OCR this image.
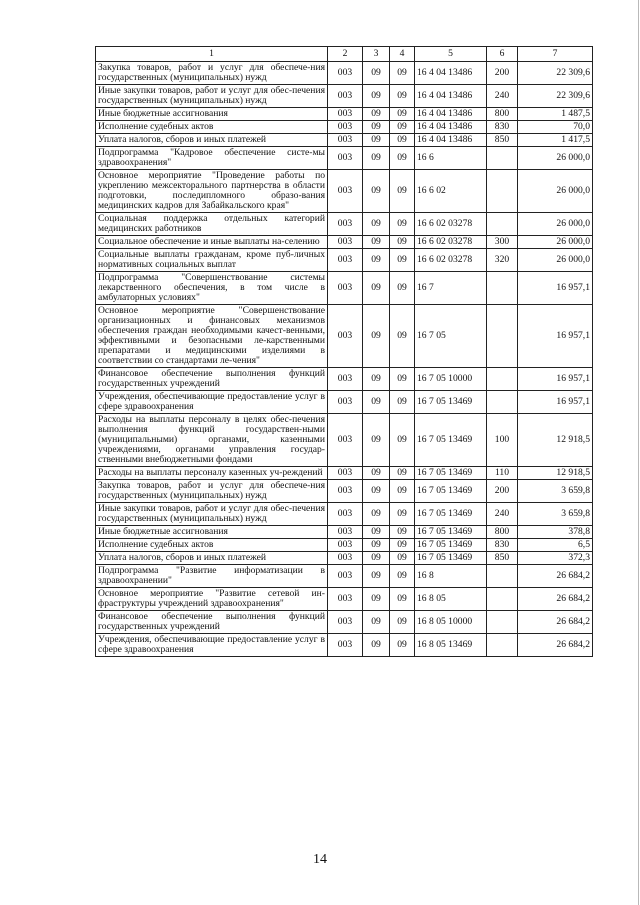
1	2	3	4	5	6	7
Закупка товаров, работ и услуг для обеспече-ния государственных (муниципальных) нужд	003	09	09	16 4 04 13486	200	22 309,6
Иные закупки товаров, работ и услуг для обес-печения государственных (муниципальных) нужд	003	09	09	16 4 04 13486	240	22 309,6
Иные бюджетные ассигнования	003	09	09	16 4 04 13486	800	1 487,5
Исполнение судебных актов	003	09	09	16 4 04 13486	830	70,0
Уплата налогов, сборов и иных платежей	003	09	09	16 4 04 13486	850	1 417,5
Подпрограмма "Кадровое обеспечение систе-мы здравоохранения"	003	09	09	16 6		26 000,0
Основное мероприятие "Проведение работы по укреплению межсекторального партнерства в области подготовки, последипломного образо-вания медицинских кадров для Забайкальского края"	003	09	09	16 6 02		26 000,0
Социальная поддержка отдельных категорий медицинских работников	003	09	09	16 6 02 03278		26 000,0
Социальное обеспечение и иные выплаты на-селению	003	09	09	16 6 02 03278	300	26 000,0
Социальные выплаты гражданам, кроме пуб-личных нормативных социальных выплат	003	09	09	16 6 02 03278	320	26 000,0
Подпрограмма "Совершенствование системы лекарственного обеспечения, в том числе в амбулаторных условиях"	003	09	09	16 7		16 957,1
Основное мероприятие "Совершенствование организационных и финансовых механизмов обеспечения граждан необходимыми качест-венными, эффективными и безопасными ле-карственными препаратами и медицинскими изделиями в соответствии со стандартами ле-чения"	003	09	09	16 7 05		16 957,1
Финансовое обеспечение выполнения функций государственных учреждений	003	09	09	16 7 05 10000		16 957,1
Учреждения, обеспечивающие предоставление услуг в сфере здравоохранения	003	09	09	16 7 05 13469		16 957,1
Расходы на выплаты персоналу в целях обес-печения выполнения функций государствен-ными (муниципальными) органами, казенными учреждениями, органами управления государ-ственными внебюджетными фондами	003	09	09	16 7 05 13469	100	12 918,5
Расходы на выплаты персоналу казенных уч-реждений	003	09	09	16 7 05 13469	110	12 918,5
Закупка товаров, работ и услуг для обеспече-ния государственных (муниципальных) нужд	003	09	09	16 7 05 13469	200	3 659,8
Иные закупки товаров, работ и услуг для обес-печения государственных (муниципальных) нужд	003	09	09	16 7 05 13469	240	3 659,8
Иные бюджетные ассигнования	003	09	09	16 7 05 13469	800	378,8
Исполнение судебных актов	003	09	09	16 7 05 13469	830	6,5
Уплата налогов, сборов и иных платежей	003	09	09	16 7 05 13469	850	372,3
Подпрограмма "Развитие информатизации в здравоохранении"	003	09	09	16 8		26 684,2
Основное мероприятие "Развитие сетевой ин-фраструктуры учреждений здравоохранения"	003	09	09	16 8 05		26 684,2
Финансовое обеспечение выполнения функций государственных учреждений	003	09	09	16 8 05 10000		26 684,2
Учреждения, обеспечивающие предоставление услуг в сфере здравоохранения	003	09	09	16 8 05 13469		26 684,2
14
